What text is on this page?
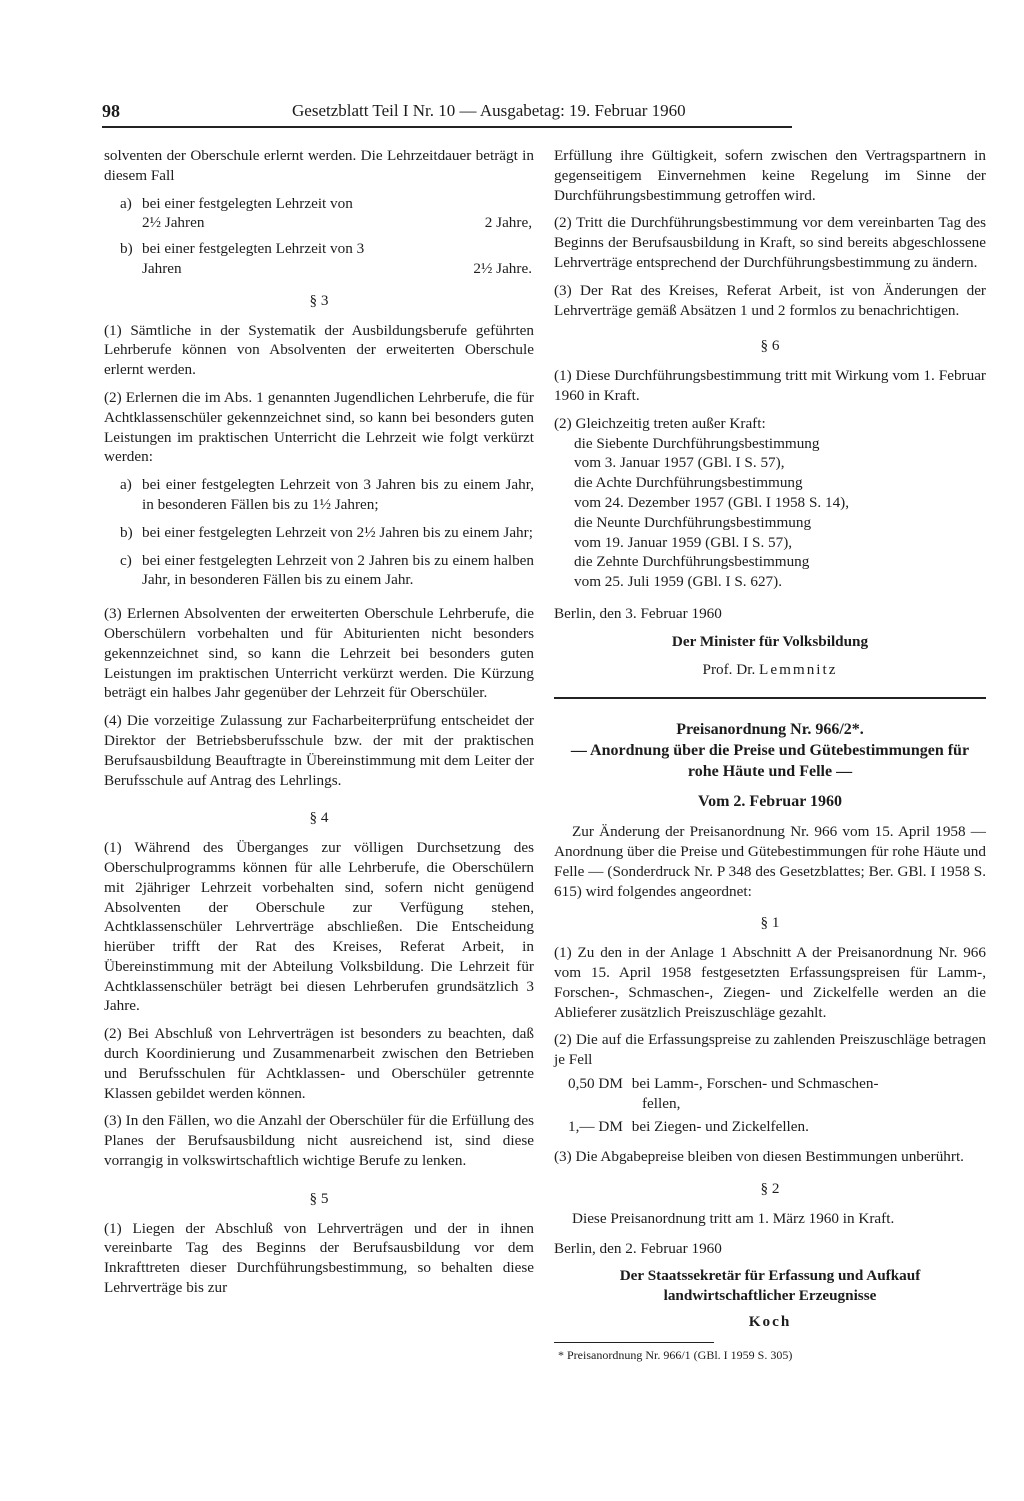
98	Gesetzblatt Teil I Nr. 10 — Ausgabetag: 19. Februar 1960

solventen der Oberschule erlernt werden. Die Lehrzeitdauer beträgt in diesem Fall

a) bei einer festgelegten Lehrzeit von 2½ Jahren	2 Jahre,
b) bei einer festgelegten Lehrzeit von 3 Jahren	2½ Jahre.

§ 3

(1) Sämtliche in der Systematik der Ausbildungsberufe geführten Lehrberufe können von Absolventen der erweiterten Oberschule erlernt werden.

(2) Erlernen die im Abs. 1 genannten Jugendlichen Lehrberufe, die für Achtklassenschüler gekennzeichnet sind, so kann bei besonders guten Leistungen im praktischen Unterricht die Lehrzeit wie folgt verkürzt werden:

a) bei einer festgelegten Lehrzeit von 3 Jahren bis zu einem Jahr, in besonderen Fällen bis zu 1½ Jahren;
b) bei einer festgelegten Lehrzeit von 2½ Jahren bis zu einem Jahr;
c) bei einer festgelegten Lehrzeit von 2 Jahren bis zu einem halben Jahr, in besonderen Fällen bis zu einem Jahr.

(3) Erlernen Absolventen der erweiterten Oberschule Lehrberufe, die Oberschülern vorbehalten und für Abiturienten nicht besonders gekennzeichnet sind, so kann die Lehrzeit bei besonders guten Leistungen im praktischen Unterricht verkürzt werden. Die Kürzung beträgt ein halbes Jahr gegenüber der Lehrzeit für Oberschüler.

(4) Die vorzeitige Zulassung zur Facharbeiterprüfung entscheidet der Direktor der Betriebsberufsschule bzw. der mit der praktischen Berufsausbildung Beauftragte in Übereinstimmung mit dem Leiter der Berufsschule auf Antrag des Lehrlings.

§ 4

(1) Während des Überganges zur völligen Durchsetzung des Oberschulprogramms können für alle Lehrberufe, die Oberschülern mit 2jähriger Lehrzeit vorbehalten sind, sofern nicht genügend Absolventen der Oberschule zur Verfügung stehen, Achtklassenschüler Lehrverträge abschließen. Die Entscheidung hierüber trifft der Rat des Kreises, Referat Arbeit, in Übereinstimmung mit der Abteilung Volksbildung. Die Lehrzeit für Achtklassenschüler beträgt bei diesen Lehrberufen grundsätzlich 3 Jahre.

(2) Bei Abschluß von Lehrverträgen ist besonders zu beachten, daß durch Koordinierung und Zusammenarbeit zwischen den Betrieben und Berufsschulen für Achtklassen- und Oberschüler getrennte Klassen gebildet werden können.

(3) In den Fällen, wo die Anzahl der Oberschüler für die Erfüllung des Planes der Berufsausbildung nicht ausreichend ist, sind diese vorrangig in volkswirtschaftlich wichtige Berufe zu lenken.

§ 5

(1) Liegen der Abschluß von Lehrverträgen und der in ihnen vereinbarte Tag des Beginns der Berufsausbildung vor dem Inkrafttreten dieser Durchführungsbestimmung, so behalten diese Lehrverträge bis zur

Erfüllung ihre Gültigkeit, sofern zwischen den Vertragspartnern in gegenseitigem Einvernehmen keine Regelung im Sinne der Durchführungsbestimmung getroffen wird.

(2) Tritt die Durchführungsbestimmung vor dem vereinbarten Tag des Beginns der Berufsausbildung in Kraft, so sind bereits abgeschlossene Lehrverträge entsprechend der Durchführungsbestimmung zu ändern.

(3) Der Rat des Kreises, Referat Arbeit, ist von Änderungen der Lehrverträge gemäß Absätzen 1 und 2 formlos zu benachrichtigen.

§ 6

(1) Diese Durchführungsbestimmung tritt mit Wirkung vom 1. Februar 1960 in Kraft.

(2) Gleichzeitig treten außer Kraft:

die Siebente Durchführungsbestimmung
vom 3. Januar 1957 (GBl. I S. 57),
die Achte Durchführungsbestimmung
vom 24. Dezember 1957 (GBl. I 1958 S. 14),
die Neunte Durchführungsbestimmung
vom 19. Januar 1959 (GBl. I S. 57),
die Zehnte Durchführungsbestimmung
vom 25. Juli 1959 (GBl. I S. 627).

Berlin, den 3. Februar 1960

Der Minister für Volksbildung

Prof. Dr. Lemmnitz

Preisanordnung Nr. 966/2*.
— Anordnung über die Preise und Gütebestimmungen für rohe Häute und Felle —
Vom 2. Februar 1960

Zur Änderung der Preisanordnung Nr. 966 vom 15. April 1958 — Anordnung über die Preise und Gütebestimmungen für rohe Häute und Felle — (Sonderdruck Nr. P 348 des Gesetzblattes; Ber. GBl. I 1958 S. 615) wird folgendes angeordnet:

§ 1

(1) Zu den in der Anlage 1 Abschnitt A der Preisanordnung Nr. 966 vom 15. April 1958 festgesetzten Erfassungspreisen für Lamm-, Forschen-, Schmaschen-, Ziegen- und Zickelfelle werden an die Ablieferer zusätzlich Preiszuschläge gezahlt.

(2) Die auf die Erfassungspreise zu zahlenden Preiszuschläge betragen je Fell

0,50 DM bei Lamm-, Forschen- und Schmaschen-
fellen,
1,— DM bei Ziegen- und Zickelfellen.

(3) Die Abgabepreise bleiben von diesen Bestimmungen unberührt.

§ 2

Diese Preisanordnung tritt am 1. März 1960 in Kraft.

Berlin, den 2. Februar 1960

Der Staatssekretär für Erfassung und Aufkauf landwirtschaftlicher Erzeugnisse

Koch
* Preisanordnung Nr. 966/1 (GBl. I 1959 S. 305)
